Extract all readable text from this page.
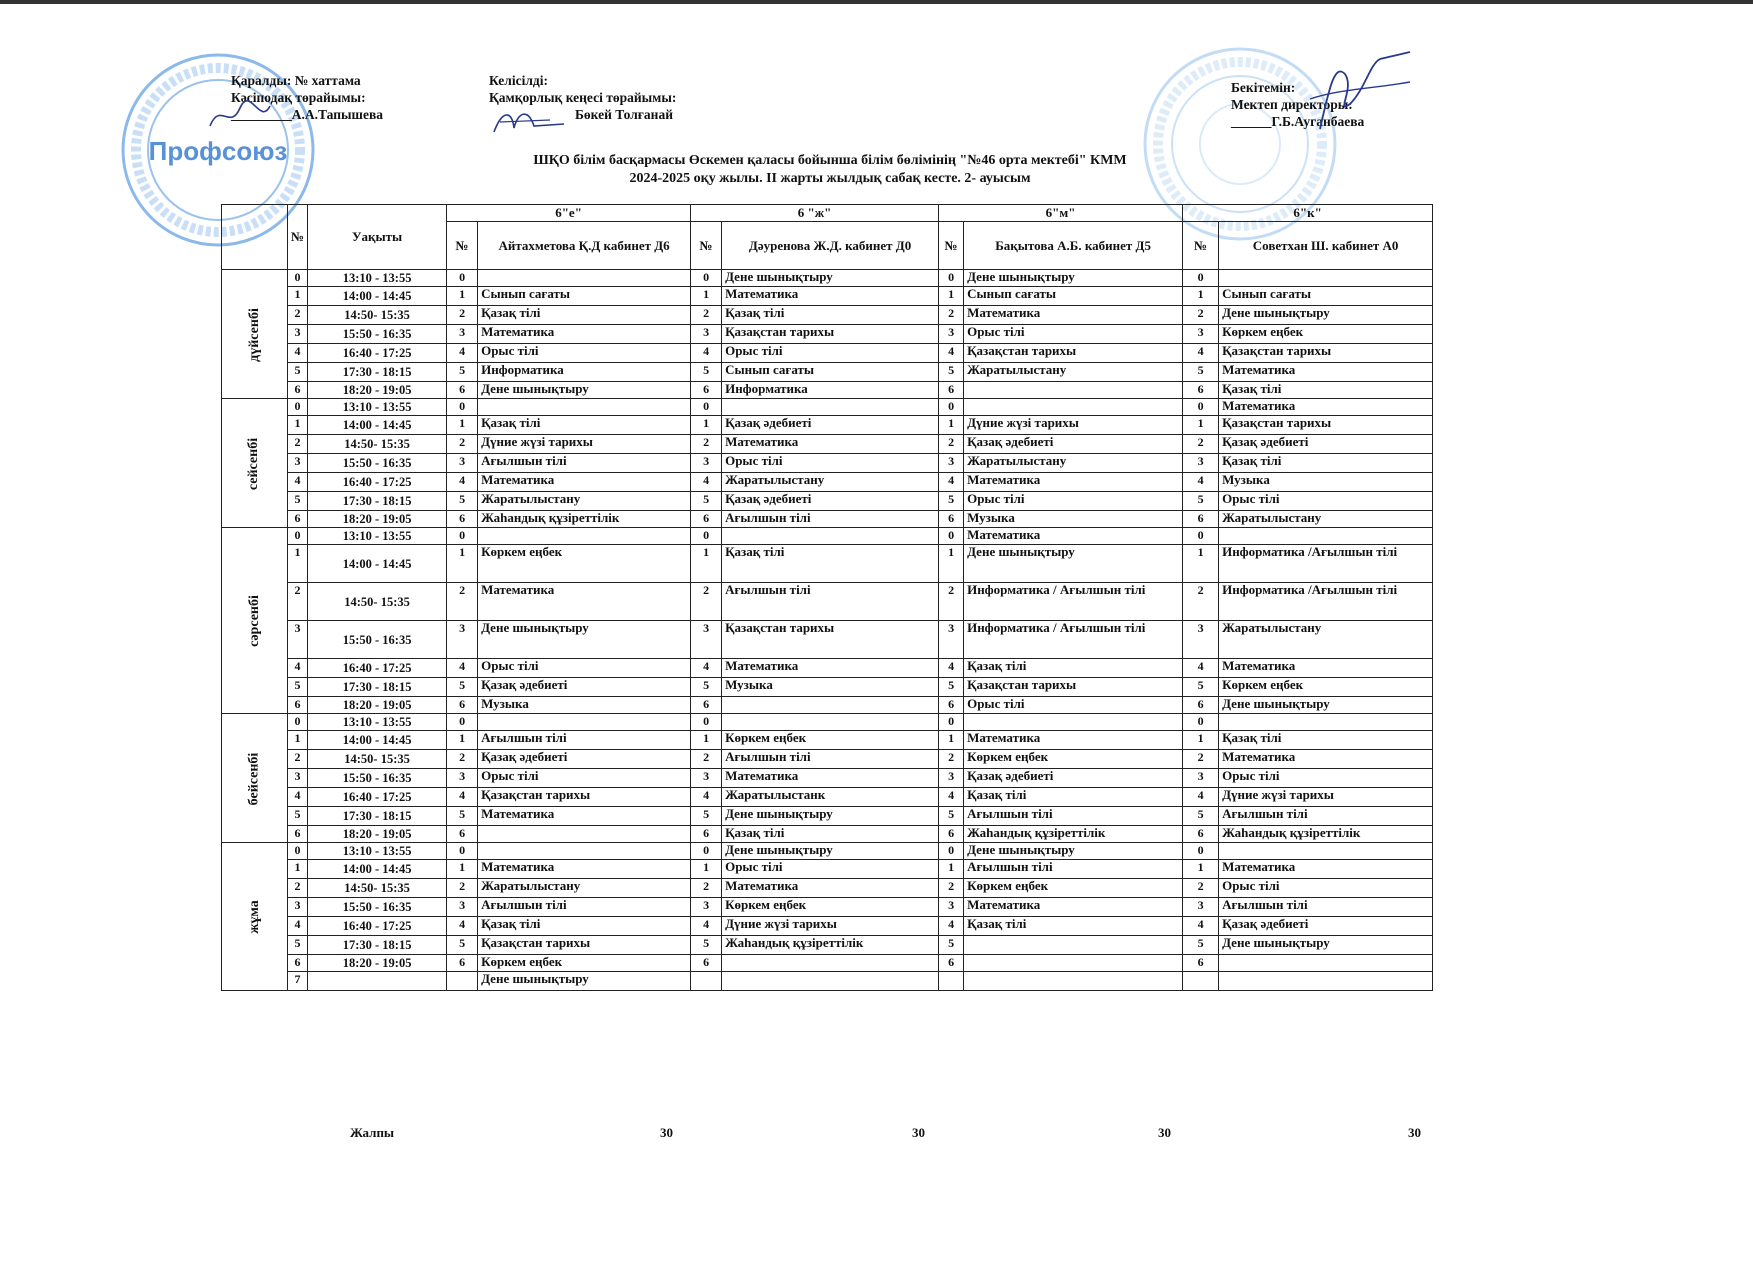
Профсоюз
Қаралды: № хаттама
Кәсіподақ төрайымы:
_________А.А.Тапышева
Келісілді:
Қамқорлық кеңесі төрайымы:
Бөкей Толғанай
Бекітемін:
Мектеп директоры:
______Г.Б.Ауганбаева
ШҚО білім басқармасы Өскемен қаласы бойынша білім бөлімінің "№46 орта мектебі" КММ
2024-2025 оқу жылы. ІІ жарты жылдық сабақ кесте. 2- ауысым
	№	Уақыты	6"е"		6 "ж"		6"м"		6"к"	
			№	Айтахметова Қ.Д кабинет Д6	№	Дәуренова Ж.Д. кабинет Д0	№	Бақытова А.Б. кабинет Д5	№	Советхан Ш. кабинет А0
дүйсенбі	0	13:10 - 13:55	0		0	Дене шынықтыру	0	Дене шынықтыру	0	
	1	14:00 - 14:45	1	Сынып сағаты	1	Математика	1	Сынып сағаты	1	Сынып сағаты
	2	14:50- 15:35	2	Қазақ тілі	2	Қазақ тілі	2	Математика	2	Дене шынықтыру
	3	15:50 - 16:35	3	Математика	3	Қазақстан тарихы	3	Орыс тілі	3	Көркем еңбек
	4	16:40 - 17:25	4	Орыс тілі	4	Орыс тілі	4	Қазақстан тарихы	4	Қазақстан тарихы
	5	17:30 - 18:15	5	Информатика	5	Сынып сағаты	5	Жаратылыстану	5	Математика
	6	18:20 - 19:05	6	Дене шынықтыру	6	Информатика	6		6	Қазақ тілі
сейсенбі	0	13:10 - 13:55	0		0		0		0	Математика
	1	14:00 - 14:45	1	Қазақ тілі	1	Қазақ әдебиеті	1	Дүние жүзі тарихы	1	Қазақстан тарихы
	2	14:50- 15:35	2	Дүние жүзі тарихы	2	Математика	2	Қазақ әдебиеті	2	Қазақ әдебиеті
	3	15:50 - 16:35	3	Ағылшын тілі	3	Орыс тілі	3	Жаратылыстану	3	Қазақ тілі
	4	16:40 - 17:25	4	Математика	4	Жаратылыстану	4	Математика	4	Музыка
	5	17:30 - 18:15	5	Жаратылыстану	5	Қазақ әдебиеті	5	Орыс тілі	5	Орыс тілі
	6	18:20 - 19:05	6	Жаһандық құзіреттілік	6	Ағылшын тілі	6	Музыка	6	Жаратылыстану
сәрсенбі	0	13:10 - 13:55	0		0		0	Математика	0	
	1	14:00 - 14:45	1	Көркем еңбек	1	Қазақ тілі	1	Дене шынықтыру	1	Информатика /Ағылшын тілі
	2	14:50- 15:35	2	Математика	2	Ағылшын тілі	2	Информатика / Ағылшын тілі	2	Информатика /Ағылшын тілі
	3	15:50 - 16:35	3	Дене шынықтыру	3	Қазақстан тарихы	3	Информатика / Ағылшын тілі	3	Жаратылыстану
	4	16:40 - 17:25	4	Орыс тілі	4	Математика	4	Қазақ тілі	4	Математика
	5	17:30 - 18:15	5	Қазақ әдебиеті	5	Музыка	5	Қазақстан тарихы	5	Көркем еңбек
	6	18:20 - 19:05	6	Музыка	6		6	Орыс тілі	6	Дене шынықтыру
бейсенбі	0	13:10 - 13:55	0		0		0		0	
	1	14:00 - 14:45	1	Ағылшын тілі	1	Көркем еңбек	1	Математика	1	Қазақ тілі
	2	14:50- 15:35	2	Қазақ әдебиеті	2	Ағылшын тілі	2	Көркем еңбек	2	Математика
	3	15:50 - 16:35	3	Орыс тілі	3	Математика	3	Қазақ әдебиеті	3	Орыс тілі
	4	16:40 - 17:25	4	Қазақстан тарихы	4	Жаратылыстанк	4	Қазақ тілі	4	Дүние жүзі тарихы
	5	17:30 - 18:15	5	Математика	5	Дене шынықтыру	5	Ағылшын тілі	5	Ағылшын тілі
	6	18:20 - 19:05	6		6	Қазақ тілі	6	Жаһандық құзіреттілік	6	Жаһандық құзіреттілік
жұма	0	13:10 - 13:55	0		0	Дене шынықтыру	0	Дене шынықтыру	0	
	1	14:00 - 14:45	1	Математика	1	Орыс тілі	1	Ағылшын тілі	1	Математика
	2	14:50- 15:35	2	Жаратылыстану	2	Математика	2	Көркем еңбек	2	Орыс тілі
	3	15:50 - 16:35	3	Ағылшын тілі	3	Көркем еңбек	3	Математика	3	Ағылшын тілі
	4	16:40 - 17:25	4	Қазақ тілі	4	Дүние жүзі тарихы	4	Қазақ тілі	4	Қазақ әдебиеті
	5	17:30 - 18:15	5	Қазақстан тарихы	5	Жаһандық құзіреттілік	5		5	Дене шынықтыру
	6	18:20 - 19:05	6	Көркем еңбек	6		6		6	
	7			Дене шынықтыру						
Жалпы	30	30	30	30
